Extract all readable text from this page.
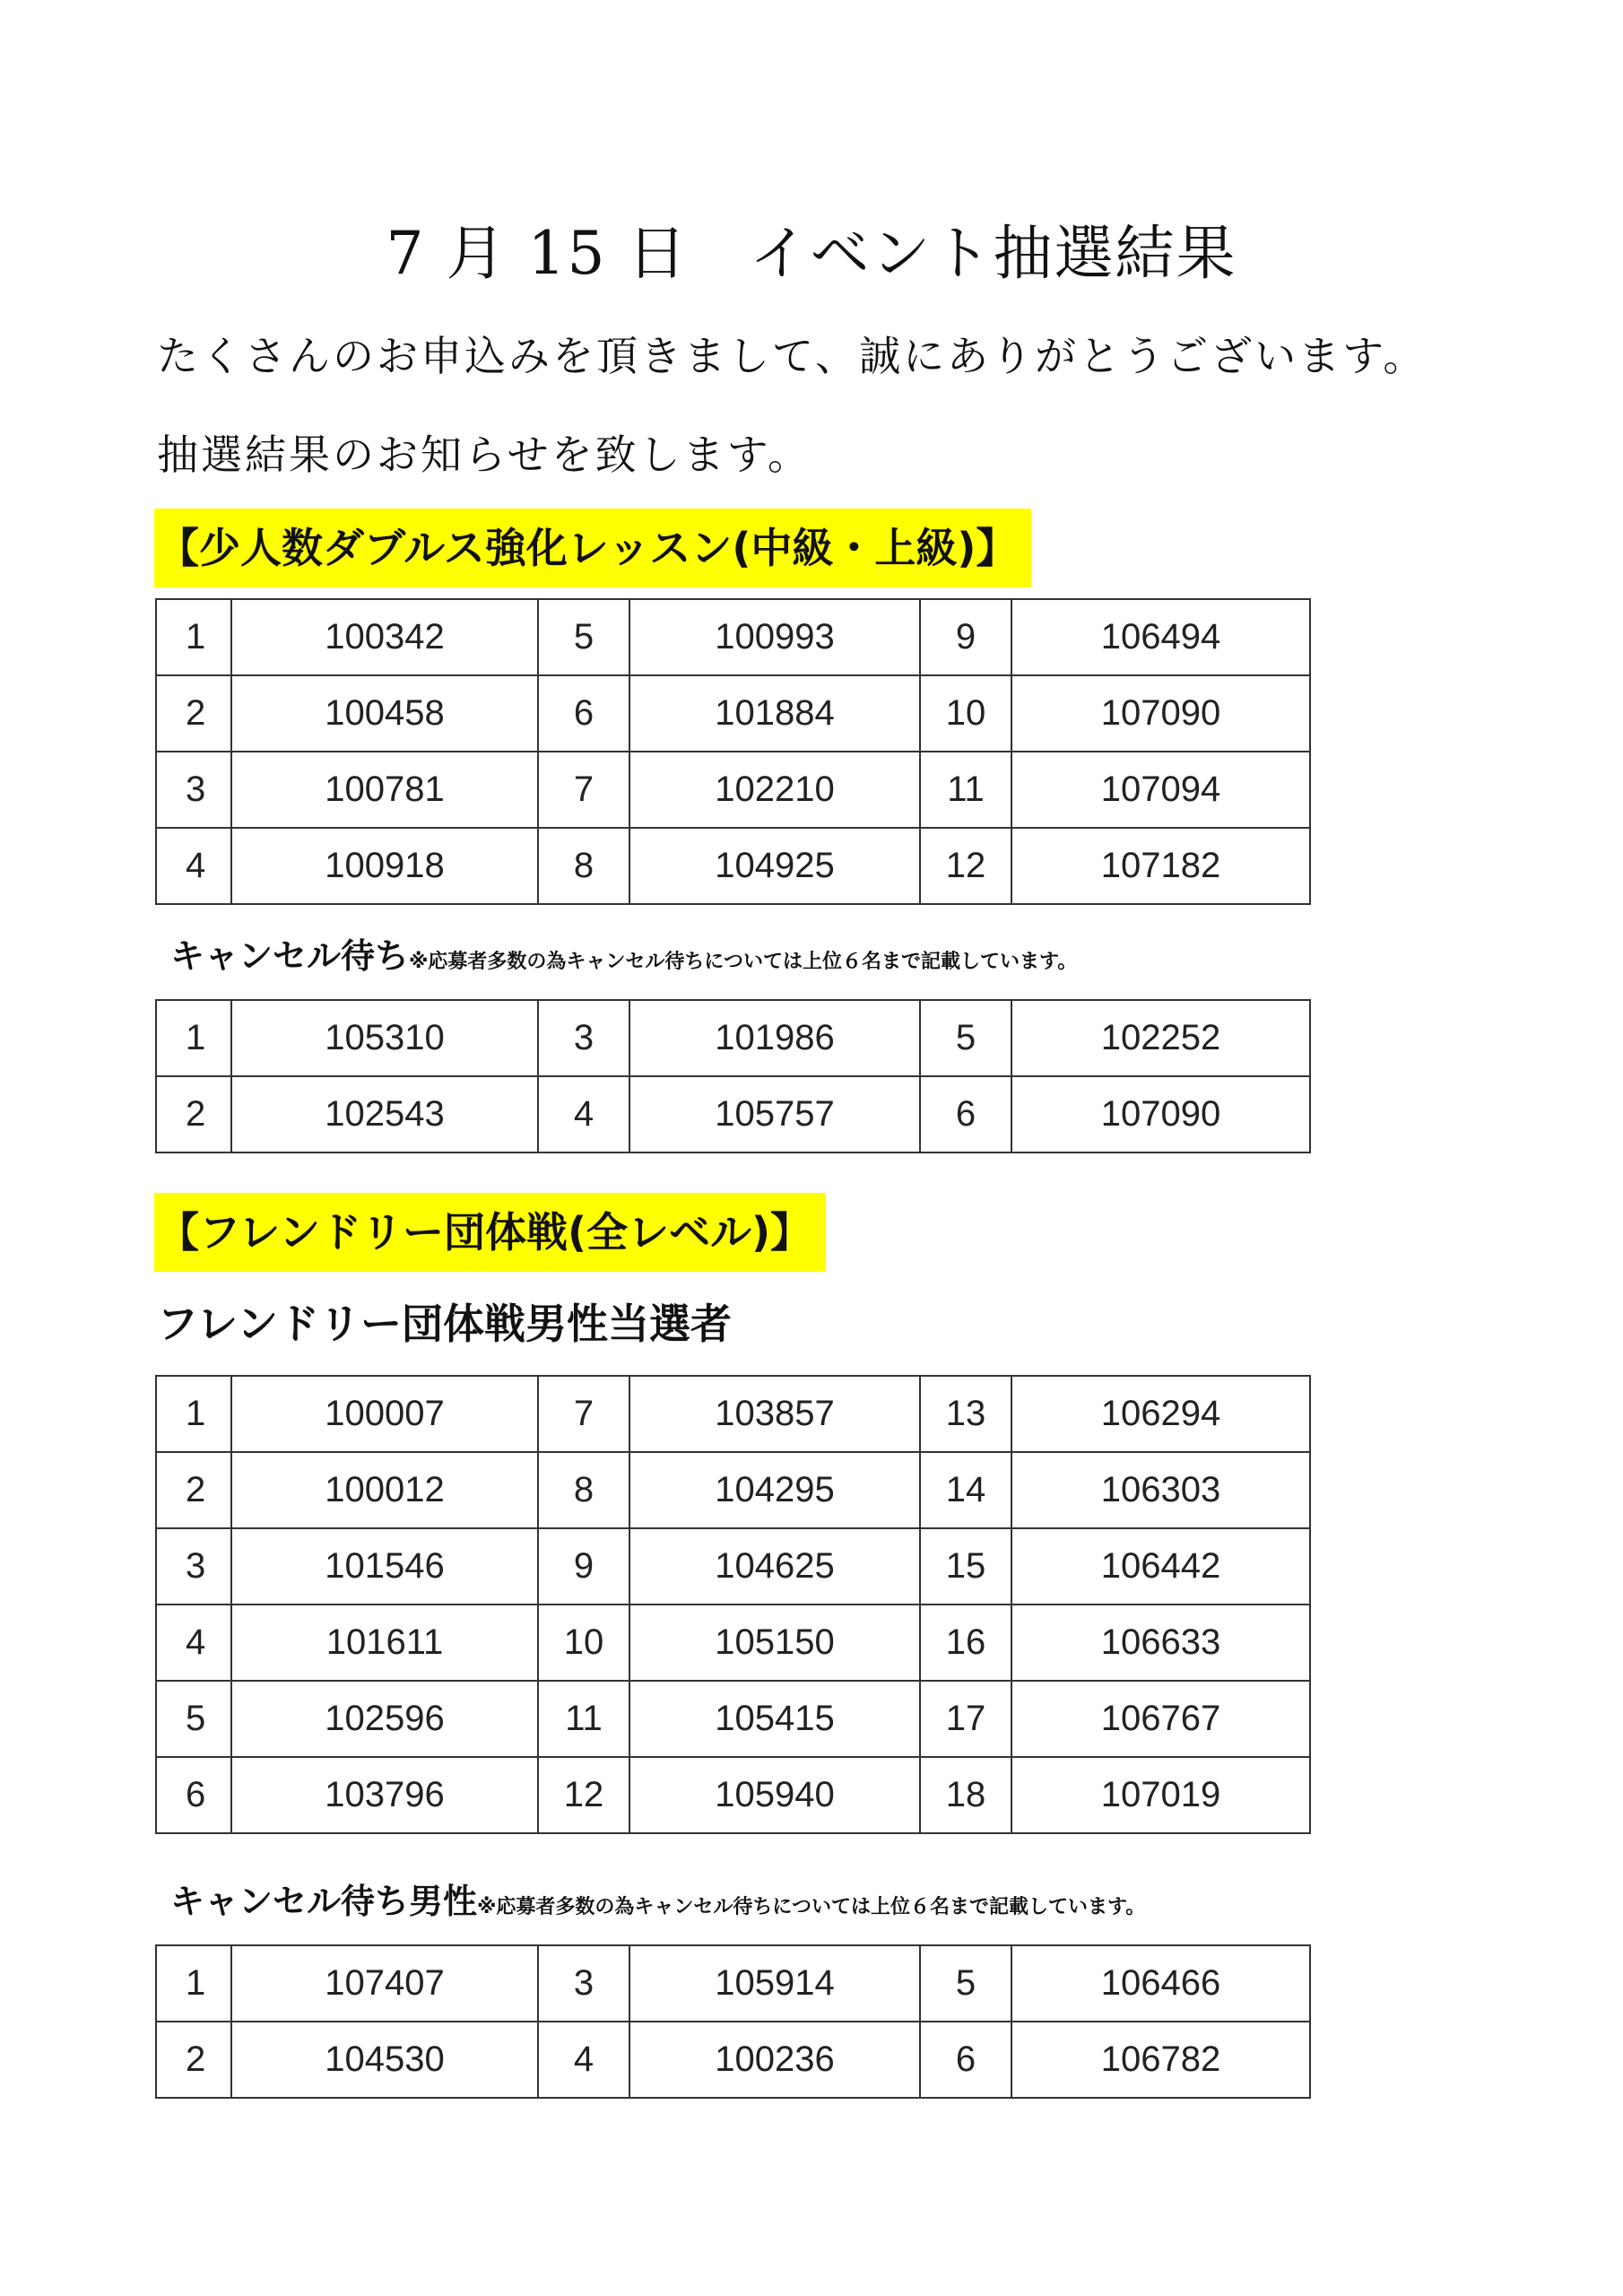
7 月 15 日　イベント抽選結果
たくさんのお申込みを頂きまして、誠にありがとうございます。
抽選結果のお知らせを致します。
【少人数ダブルス強化レッスン(中級・上級)】
1	100342	5	100993	9	106494
2	100458	6	101884	10	107090
3	100781	7	102210	11	107094
4	100918	8	104925	12	107182
キャンセル待ち※応募者多数の為キャンセル待ちについては上位６名まで記載しています。
1	105310	3	101986	5	102252
2	102543	4	105757	6	107090
【フレンドリー団体戦(全レベル)】
フレンドリー団体戦男性当選者
1	100007	7	103857	13	106294
2	100012	8	104295	14	106303
3	101546	9	104625	15	106442
4	101611	10	105150	16	106633
5	102596	11	105415	17	106767
6	103796	12	105940	18	107019
キャンセル待ち男性※応募者多数の為キャンセル待ちについては上位６名まで記載しています。
1	107407	3	105914	5	106466
2	104530	4	100236	6	106782
